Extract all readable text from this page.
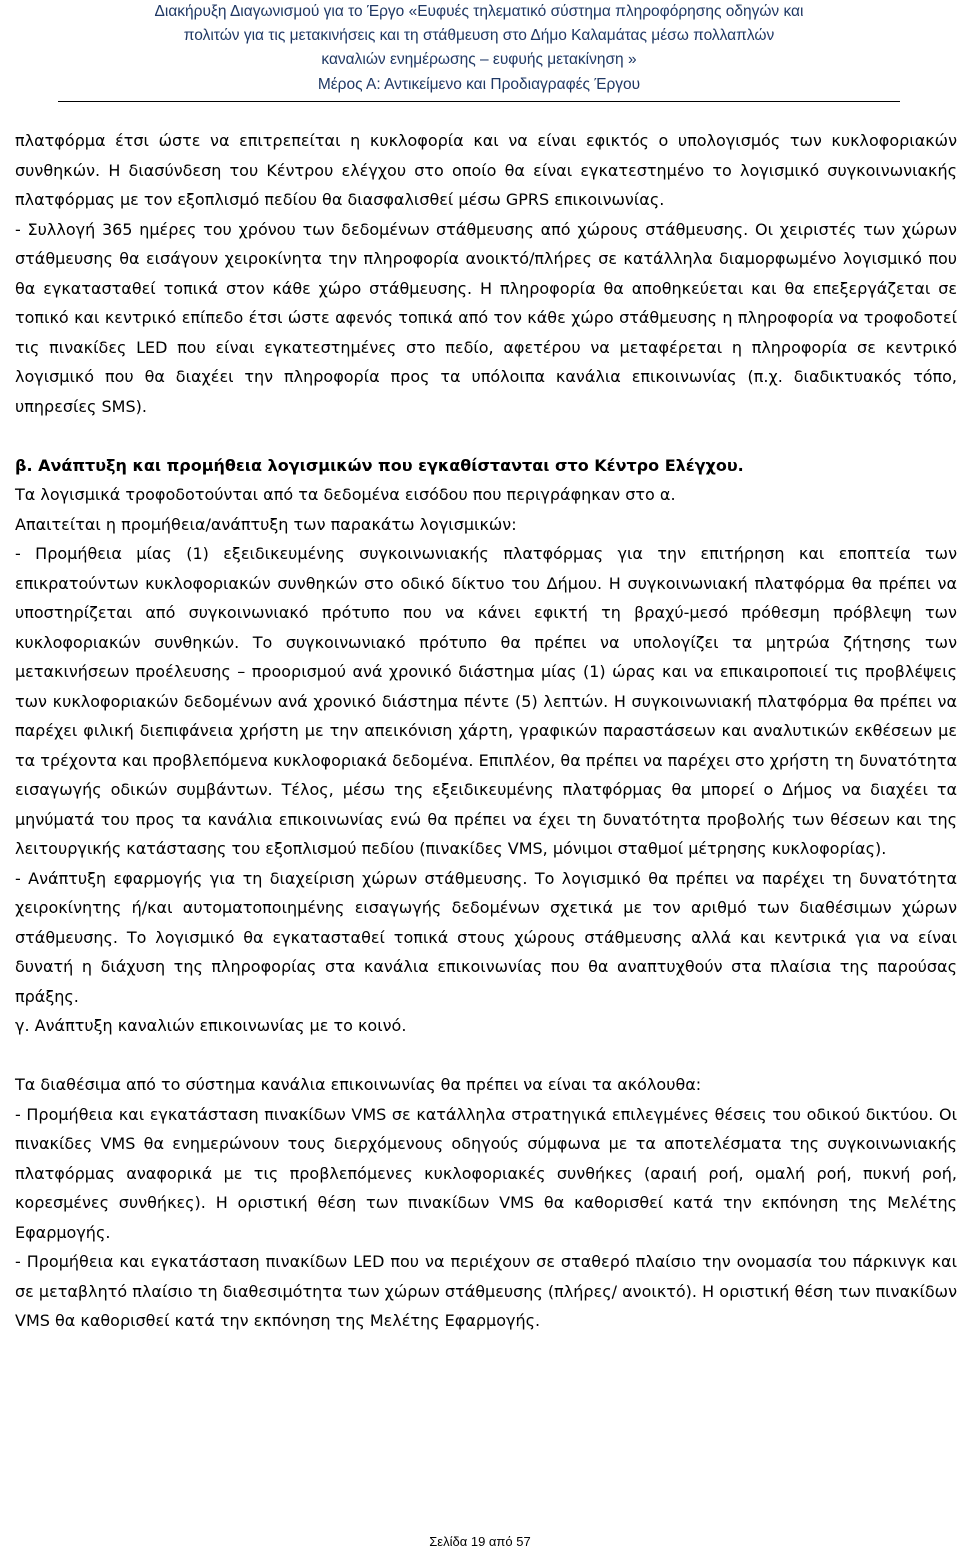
Διακήρυξη Διαγωνισμού για το Έργο «Ευφυές τηλεματικό σύστημα πληροφόρησης οδηγών και

πολιτών για τις μετακινήσεις και τη στάθμευση στο Δήμο Καλαμάτας μέσω πολλαπλών

καναλιών ενημέρωσης – ευφυής μετακίνηση »

Μέρος Α: Αντικείμενο και Προδιαγραφές Έργου

πλατφόρμα έτσι ώστε να επιτρεπείται η κυκλοφορία και να είναι εφικτός ο υπολογισμός των κυκλοφοριακών συνθηκών. Η διασύνδεση του Κέντρου ελέγχου στο οποίο θα είναι εγκατεστημένο το λογισμικό συγκοινωνιακής πλατφόρμας με τον εξοπλισμό πεδίου θα διασφαλισθεί μέσω GPRS επικοινωνίας.

- Συλλογή 365 ημέρες του χρόνου των δεδομένων στάθμευσης από χώρους στάθμευσης. Οι χειριστές των χώρων στάθμευσης θα εισάγουν χειροκίνητα την πληροφορία ανοικτό/πλήρες σε κατάλληλα διαμορφωμένο λογισμικό που θα εγκατασταθεί τοπικά στον κάθε χώρο στάθμευσης. Η πληροφορία θα αποθηκεύεται και θα επεξεργάζεται σε τοπικό και κεντρικό επίπεδο έτσι ώστε αφενός τοπικά από τον κάθε χώρο στάθμευσης η πληροφορία να τροφοδοτεί τις πινακίδες LED που είναι εγκατεστημένες στο πεδίο, αφετέρου να μεταφέρεται η πληροφορία σε κεντρικό λογισμικό που θα διαχέει την πληροφορία προς τα υπόλοιπα κανάλια επικοινωνίας (π.χ. διαδικτυακός τόπο, υπηρεσίες SMS).

β. Ανάπτυξη και προμήθεια λογισμικών που εγκαθίστανται στο Κέντρο Ελέγχου.

Τα λογισμικά τροφοδοτούνται από τα δεδομένα εισόδου που περιγράφηκαν στο α.

Απαιτείται η προμήθεια/ανάπτυξη των παρακάτω λογισμικών:

- Προμήθεια μίας (1) εξειδικευμένης συγκοινωνιακής πλατφόρμας για την επιτήρηση και εποπτεία των επικρατούντων κυκλοφοριακών συνθηκών στο οδικό δίκτυο του Δήμου. Η συγκοινωνιακή πλατφόρμα θα πρέπει να υποστηρίζεται από συγκοινωνιακό πρότυπο που να κάνει εφικτή τη βραχύ-μεσό πρόθεσμη πρόβλεψη των κυκλοφοριακών συνθηκών. Το συγκοινωνιακό πρότυπο θα πρέπει να υπολογίζει τα μητρώα ζήτησης των μετακινήσεων προέλευσης – προορισμού ανά χρονικό διάστημα μίας (1) ώρας και να επικαιροποιεί τις προβλέψεις των κυκλοφοριακών δεδομένων ανά χρονικό διάστημα πέντε (5) λεπτών. Η συγκοινωνιακή πλατφόρμα θα πρέπει να παρέχει φιλική διεπιφάνεια χρήστη με την απεικόνιση χάρτη, γραφικών παραστάσεων και αναλυτικών εκθέσεων με τα τρέχοντα και προβλεπόμενα κυκλοφοριακά δεδομένα. Επιπλέον, θα πρέπει να παρέχει στο χρήστη τη δυνατότητα εισαγωγής οδικών συμβάντων. Τέλος, μέσω της εξειδικευμένης πλατφόρμας θα μπορεί ο Δήμος να διαχέει τα μηνύματά του προς τα κανάλια επικοινωνίας ενώ θα πρέπει να έχει τη δυνατότητα προβολής των θέσεων και της λειτουργικής κατάστασης του εξοπλισμού πεδίου (πινακίδες VMS, μόνιμοι σταθμοί μέτρησης κυκλοφορίας).

- Ανάπτυξη εφαρμογής για τη διαχείριση χώρων στάθμευσης. Το λογισμικό θα πρέπει να παρέχει τη δυνατότητα χειροκίνητης ή/και αυτοματοποιημένης εισαγωγής δεδομένων σχετικά με τον αριθμό των διαθέσιμων χώρων στάθμευσης. Το λογισμικό θα εγκατασταθεί τοπικά στους χώρους στάθμευσης αλλά και κεντρικά για να είναι δυνατή η διάχυση της πληροφορίας στα κανάλια επικοινωνίας που θα αναπτυχθούν στα πλαίσια της παρούσας πράξης.

γ. Ανάπτυξη καναλιών επικοινωνίας με το κοινό.

Τα διαθέσιμα από το σύστημα κανάλια επικοινωνίας θα πρέπει να είναι τα ακόλουθα:

- Προμήθεια και εγκατάσταση πινακίδων VMS σε κατάλληλα στρατηγικά επιλεγμένες θέσεις του οδικού δικτύου. Οι πινακίδες VMS θα ενημερώνουν τους διερχόμενους οδηγούς σύμφωνα με τα αποτελέσματα της συγκοινωνιακής πλατφόρμας αναφορικά με τις προβλεπόμενες κυκλοφοριακές συνθήκες (αραιή ροή, ομαλή ροή, πυκνή ροή, κορεσμένες συνθήκες). Η οριστική θέση των πινακίδων VMS θα καθορισθεί κατά την εκπόνηση της Μελέτης Εφαρμογής.

- Προμήθεια και εγκατάσταση πινακίδων LED που να περιέχουν σε σταθερό πλαίσιο την ονομασία του πάρκινγκ και σε μεταβλητό πλαίσιο τη διαθεσιμότητα των χώρων στάθμευσης (πλήρες/ ανοικτό). Η οριστική θέση των πινακίδων VMS θα καθορισθεί κατά την εκπόνηση της Μελέτης Εφαρμογής.

Σελίδα 19 από 57
